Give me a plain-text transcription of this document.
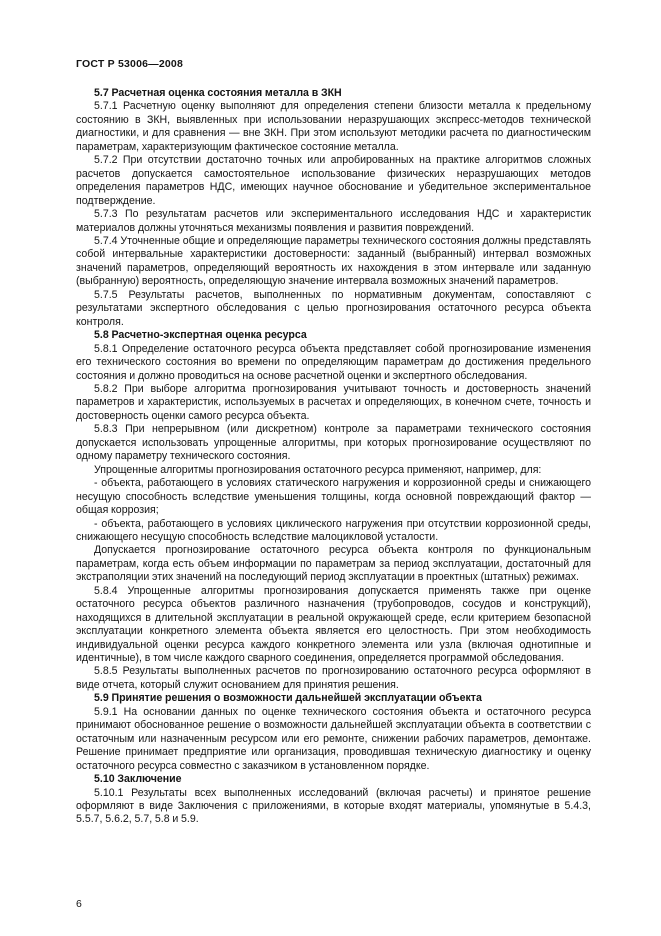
ГОСТ Р 53006—2008

5.7 Расчетная оценка состояния металла в ЗКН

5.7.1 Расчетную оценку выполняют для определения степени близости металла к предельному состоянию в ЗКН, выявленных при использовании неразрушающих экспресс-методов технической диагностики, и для сравнения — вне ЗКН. При этом используют методики расчета по диагностическим параметрам, характеризующим фактическое состояние металла.

5.7.2 При отсутствии достаточно точных или апробированных на практике алгоритмов сложных расчетов допускается самостоятельное использование физических неразрушающих методов определения параметров НДС, имеющих научное обоснование и убедительное экспериментальное подтверждение.

5.7.3 По результатам расчетов или экспериментального исследования НДС и характеристик материалов должны уточняться механизмы появления и развития повреждений.

5.7.4 Уточненные общие и определяющие параметры технического состояния должны представлять собой интервальные характеристики достоверности: заданный (выбранный) интервал возможных значений параметров, определяющий вероятность их нахождения в этом интервале или заданную (выбранную) вероятность, определяющую значение интервала возможных значений параметров.

5.7.5 Результаты расчетов, выполненных по нормативным документам, сопоставляют с результатами экспертного обследования с целью прогнозирования остаточного ресурса объекта контроля.

5.8 Расчетно-экспертная оценка ресурса

5.8.1 Определение остаточного ресурса объекта представляет собой прогнозирование изменения его технического состояния во времени по определяющим параметрам до достижения предельного состояния и должно проводиться на основе расчетной оценки и экспертного обследования.

5.8.2 При выборе алгоритма прогнозирования учитывают точность и достоверность значений параметров и характеристик, используемых в расчетах и определяющих, в конечном счете, точность и достоверность оценки самого ресурса объекта.

5.8.3 При непрерывном (или дискретном) контроле за параметрами технического состояния допускается использовать упрощенные алгоритмы, при которых прогнозирование осуществляют по одному параметру технического состояния.

Упрощенные алгоритмы прогнозирования остаточного ресурса применяют, например, для:

- объекта, работающего в условиях статического нагружения и коррозионной среды и снижающего несущую способность вследствие уменьшения толщины, когда основной повреждающий фактор — общая коррозия;

- объекта, работающего в условиях циклического нагружения при отсутствии коррозионной среды, снижающего несущую способность вследствие малоцикловой усталости.

Допускается прогнозирование остаточного ресурса объекта контроля по функциональным параметрам, когда есть объем информации по параметрам за период эксплуатации, достаточный для экстраполяции этих значений на последующий период эксплуатации в проектных (штатных) режимах.

5.8.4 Упрощенные алгоритмы прогнозирования допускается применять также при оценке остаточного ресурса объектов различного назначения (трубопроводов, сосудов и конструкций), находящихся в длительной эксплуатации в реальной окружающей среде, если критерием безопасной эксплуатации конкретного элемента объекта является его целостность. При этом необходимость индивидуальной оценки ресурса каждого конкретного элемента или узла (включая однотипные и идентичные), в том числе каждого сварного соединения, определяется программой обследования.

5.8.5 Результаты выполненных расчетов по прогнозированию остаточного ресурса оформляют в виде отчета, который служит основанием для принятия решения.

5.9 Принятие решения о возможности дальнейшей эксплуатации объекта

5.9.1 На основании данных по оценке технического состояния объекта и остаточного ресурса принимают обоснованное решение о возможности дальнейшей эксплуатации объекта в соответствии с остаточным или назначенным ресурсом или его ремонте, снижении рабочих параметров, демонтаже. Решение принимает предприятие или организация, проводившая техническую диагностику и оценку остаточного ресурса совместно с заказчиком в установленном порядке.

5.10 Заключение

5.10.1 Результаты всех выполненных исследований (включая расчеты) и принятое решение оформляют в виде Заключения с приложениями, в которые входят материалы, упомянутые в 5.4.3, 5.5.7, 5.6.2, 5.7, 5.8 и 5.9.

6
